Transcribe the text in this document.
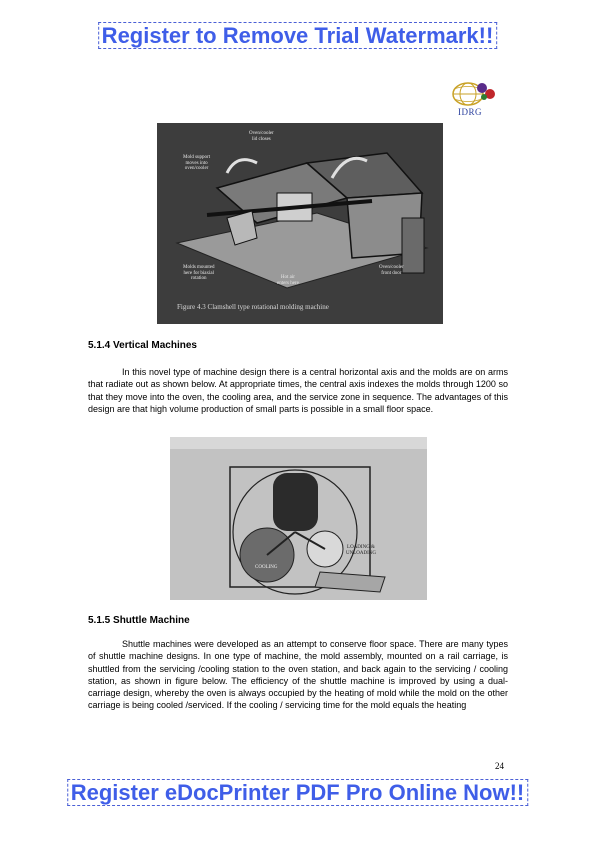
Register to Remove Trial Watermark!!
IDRG
Oven/cooler
lid closes
Mold support
moves into
oven/cooler
Molds mounted
here for biaxial
rotation	Hot air
enters here
Oven/cooler
front door
Figure 4.3 Clamshell type rotational molding machine
5.1.4 Vertical Machines

In this novel type of machine design there is a central horizontal axis and the molds are on arms that radiate out as shown below. At appropriate times, the central axis indexes the molds through 1200 so that they move into the oven, the cooling area, and the service zone in sequence. The advantages of this design are that high volume production of small parts is possible in a small floor space.

LOADING &
UNLOADING
COOLING
5.1.5 Shuttle Machine

Shuttle machines were developed as an attempt to conserve floor space. There are many types of shuttle machine designs. In one type of machine, the mold assembly, mounted on a rail carriage, is shuttled from the servicing /cooling station to the oven station, and back again to the servicing / cooling station, as shown in figure below. The efficiency of the shuttle machine is improved by using a dual-carriage design, whereby the oven is always occupied by the heating of mold while the mold on the other carriage is being cooled /serviced. If the cooling / servicing time for the mold equals the heating

24
Register eDocPrinter PDF Pro Online Now!!
